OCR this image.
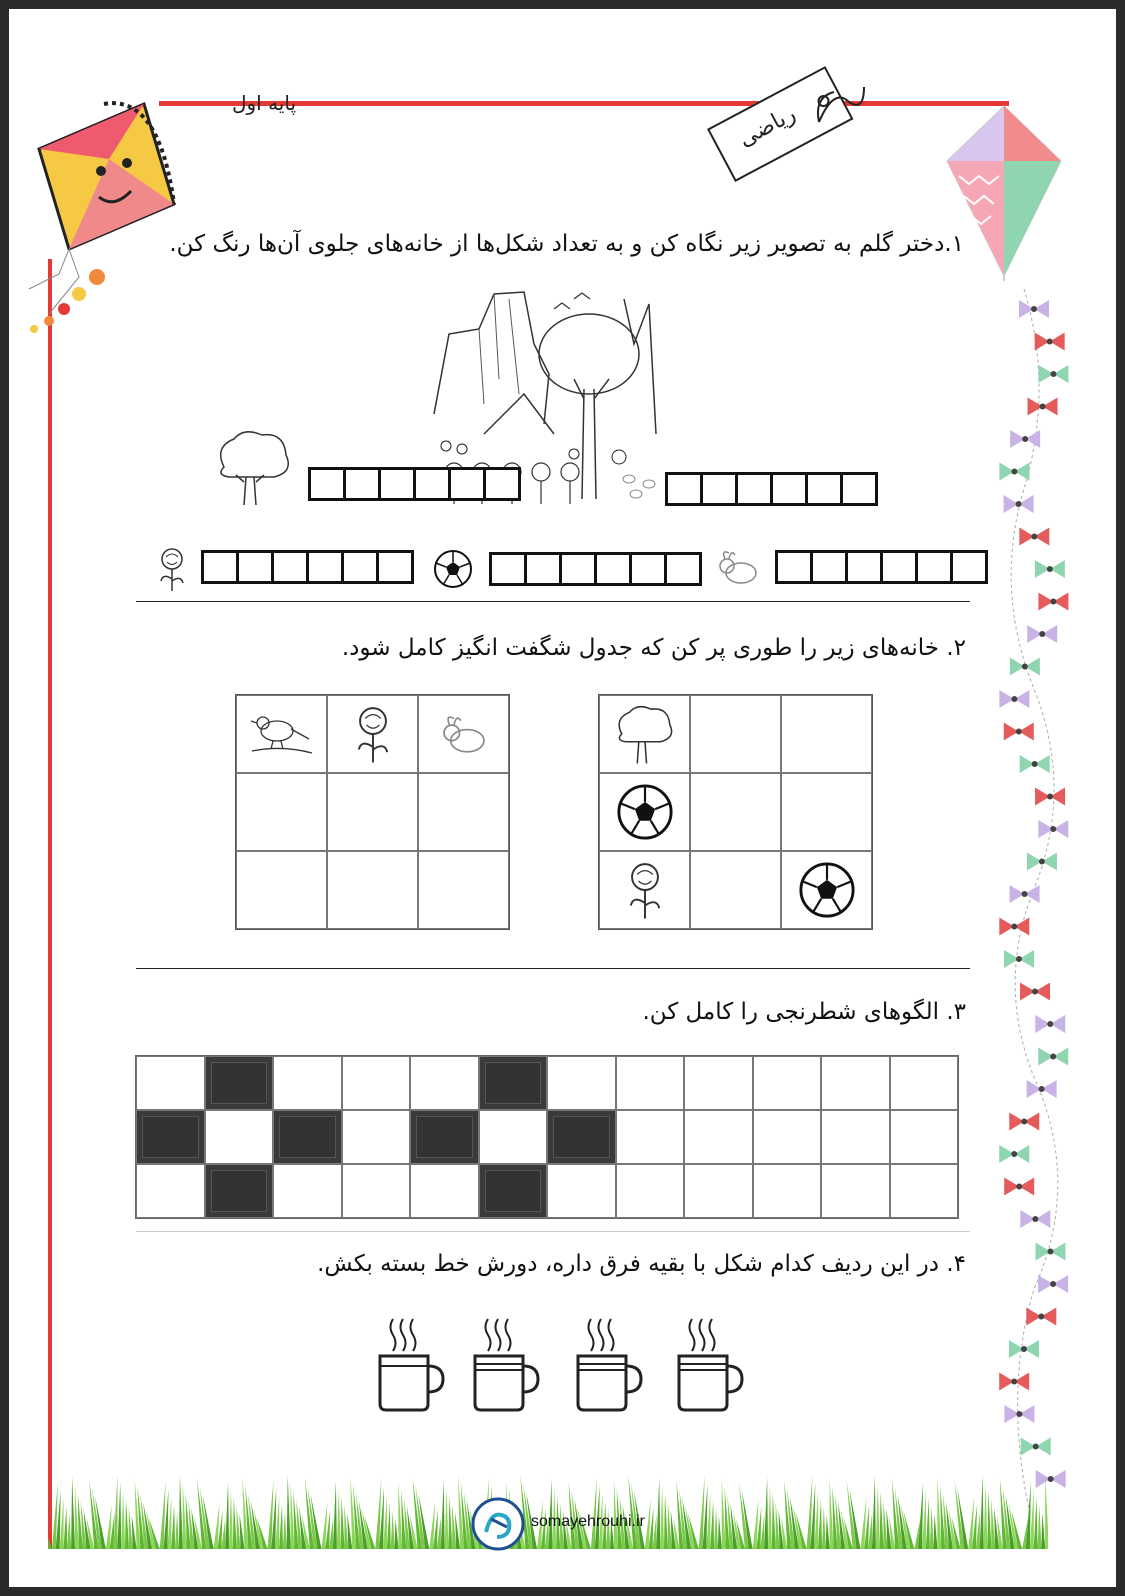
پایه اول	ریاضی
۱.دختر گلم به تصویر زیر نگاه کن و به تعداد شکل‌ها از خانه‌های جلوی آن‌ها رنگ کن.
۲. خانه‌های زیر را طوری پر کن که جدول شگفت انگیز کامل شود.
۳. الگوهای شطرنجی را کامل کن.
۴. در این ردیف کدام شکل با بقیه فرق داره، دورش خط بسته بکش.
somayehrouhi.ir
